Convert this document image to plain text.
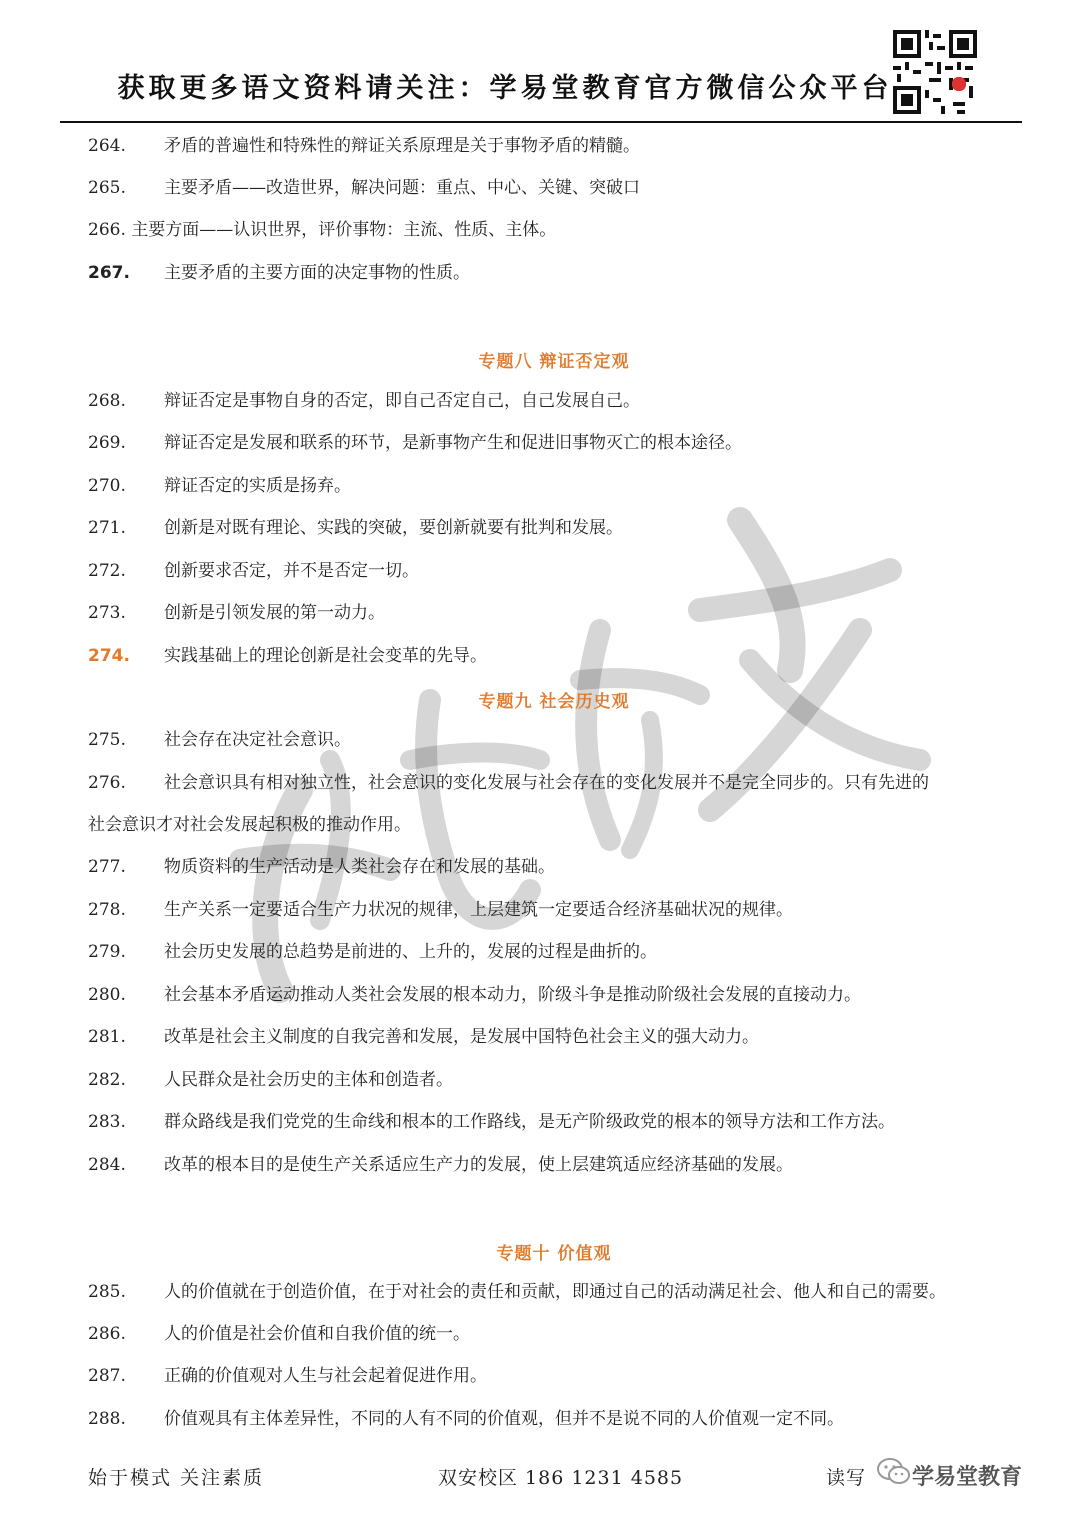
获取更多语文资料请关注：学易堂教育官方微信公众平台
264. 矛盾的普遍性和特殊性的辩证关系原理是关于事物矛盾的精髓。
265. 主要矛盾——改造世界，解决问题：重点、中心、关键、突破口
266. 主要方面——认识世界，评价事物：主流、性质、主体。
267. 主要矛盾的主要方面的决定事物的性质。
专题八 辩证否定观
268. 辩证否定是事物自身的否定，即自己否定自己，自己发展自己。
269. 辩证否定是发展和联系的环节，是新事物产生和促进旧事物灭亡的根本途径。
270. 辩证否定的实质是扬弃。
271. 创新是对既有理论、实践的突破，要创新就要有批判和发展。
272. 创新要求否定，并不是否定一切。
273. 创新是引领发展的第一动力。
274. 实践基础上的理论创新是社会变革的先导。
专题九 社会历史观
275. 社会存在决定社会意识。
276. 社会意识具有相对独立性，社会意识的变化发展与社会存在的变化发展并不是完全同步的。只有先进的
社会意识才对社会发展起积极的推动作用。
277. 物质资料的生产活动是人类社会存在和发展的基础。
278. 生产关系一定要适合生产力状况的规律，上层建筑一定要适合经济基础状况的规律。
279. 社会历史发展的总趋势是前进的、上升的，发展的过程是曲折的。
280. 社会基本矛盾运动推动人类社会发展的根本动力，阶级斗争是推动阶级社会发展的直接动力。
281. 改革是社会主义制度的自我完善和发展，是发展中国特色社会主义的强大动力。
282. 人民群众是社会历史的主体和创造者。
283. 群众路线是我们党党的生命线和根本的工作路线，是无产阶级政党的根本的领导方法和工作方法。
284. 改革的根本目的是使生产关系适应生产力的发展，使上层建筑适应经济基础的发展。
专题十 价值观
285. 人的价值就在于创造价值，在于对社会的责任和贡献，即通过自己的活动满足社会、他人和自己的需要。
286. 人的价值是社会价值和自我价值的统一。
287. 正确的价值观对人生与社会起着促进作用。
288. 价值观具有主体差异性，不同的人有不同的价值观，但并不是说不同的人价值观一定不同。
始于模式 关注素质	双安校区 186 1231 4585	读写 学易堂教育
